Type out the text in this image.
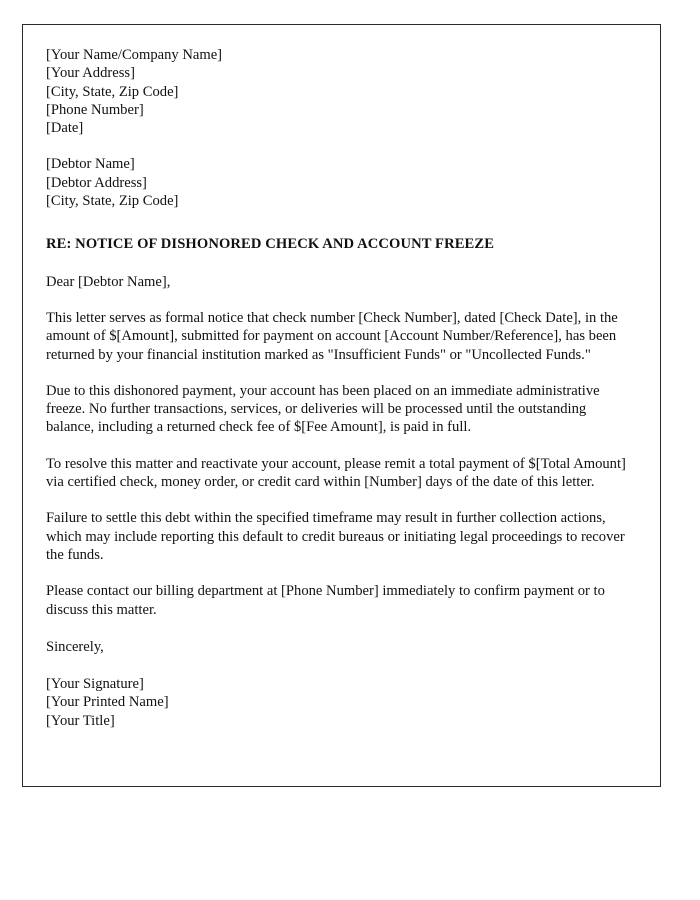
[Your Name/Company Name]
[Your Address]
[City, State, Zip Code]
[Phone Number]
[Date]
[Debtor Name]
[Debtor Address]
[City, State, Zip Code]
RE: NOTICE OF DISHONORED CHECK AND ACCOUNT FREEZE
Dear [Debtor Name],

This letter serves as formal notice that check number [Check Number], dated [Check Date], in the amount of $[Amount], submitted for payment on account [Account Number/Reference], has been returned by your financial institution marked as "Insufficient Funds" or "Uncollected Funds."

Due to this dishonored payment, your account has been placed on an immediate administrative freeze. No further transactions, services, or deliveries will be processed until the outstanding balance, including a returned check fee of $[Fee Amount], is paid in full.

To resolve this matter and reactivate your account, please remit a total payment of $[Total Amount] via certified check, money order, or credit card within [Number] days of the date of this letter.

Failure to settle this debt within the specified timeframe may result in further collection actions, which may include reporting this default to credit bureaus or initiating legal proceedings to recover the funds.

Please contact our billing department at [Phone Number] immediately to confirm payment or to discuss this matter.

Sincerely,
[Your Signature]
[Your Printed Name]
[Your Title]
